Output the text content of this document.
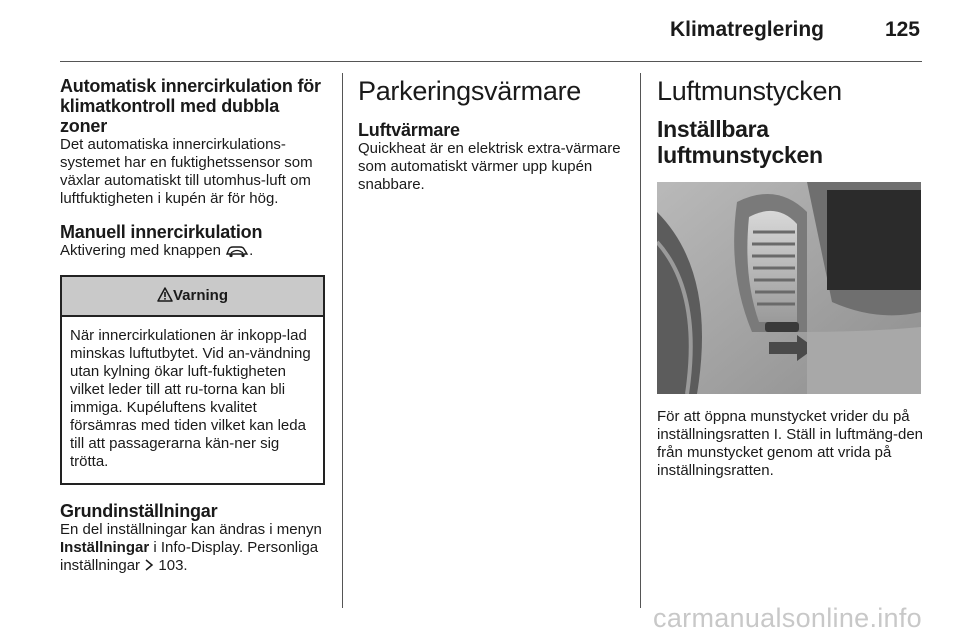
Klimatreglering	125
Automatisk innercirkulation för klimatkontroll med dubbla zoner
Det automatiska innercirkulations-systemet har en fuktighetssensor som växlar automatiskt till utomhus-luft om luftfuktigheten i kupén är för hög.
Manuell innercirkulation
Aktivering med knappen .
Varning
När innercirkulationen är inkopp-lad minskas luftutbytet. Vid an-vändning utan kylning ökar luft-fuktigheten vilket leder till att ru-torna kan bli immiga. Kupéluftens kvalitet försämras med tiden vilket kan leda till att passagerarna kän-ner sig trötta.
Grundinställningar
En del inställningar kan ändras i menyn Inställningar i Info-Display. Personliga inställningar 103.
Parkeringsvärmare
Luftvärmare
Quickheat är en elektrisk extra-värmare som automatiskt värmer upp kupén snabbare.
Luftmunstycken
Inställbara luftmunstycken
För att öppna munstycket vrider du på inställningsratten I. Ställ in luftmäng-den från munstycket genom att vrida på inställningsratten.
carmanualsonline.info
